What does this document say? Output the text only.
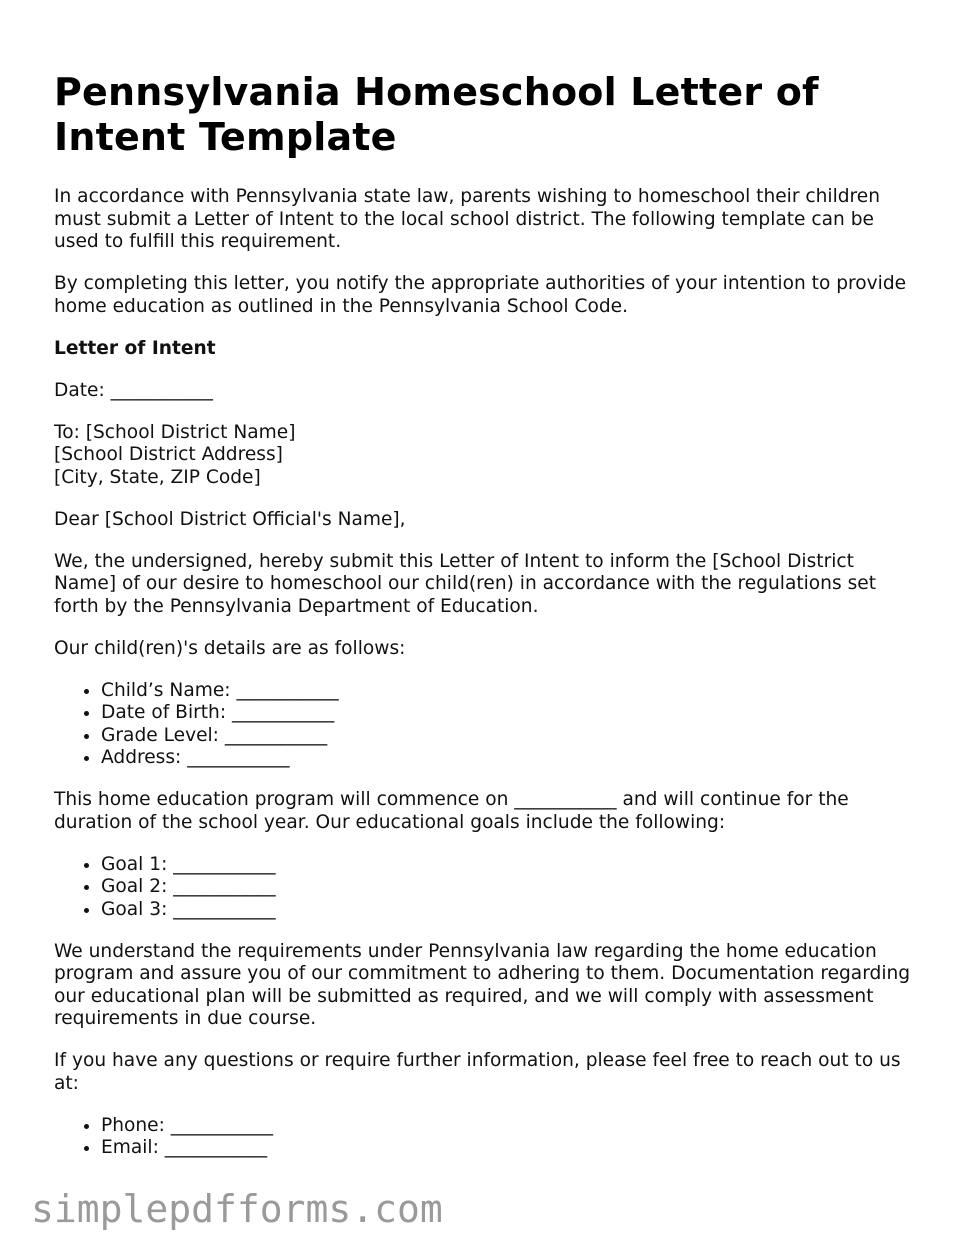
Pennsylvania Homeschool Letter of Intent Template

In accordance with Pennsylvania state law, parents wishing to homeschool their children must submit a Letter of Intent to the local school district. The following template can be used to fulfill this requirement.

By completing this letter, you notify the appropriate authorities of your intention to provide home education as outlined in the Pennsylvania School Code.

Letter of Intent

Date: ___________

To: [School District Name]
[School District Address]
[City, State, ZIP Code]

Dear [School District Official's Name],

We, the undersigned, hereby submit this Letter of Intent to inform the [School District Name] of our desire to homeschool our child(ren) in accordance with the regulations set forth by the Pennsylvania Department of Education.

Our child(ren)'s details are as follows:

• Child’s Name: ___________
• Date of Birth: ___________
• Grade Level: ___________
• Address: ___________

This home education program will commence on ___________ and will continue for the duration of the school year. Our educational goals include the following:

• Goal 1: ___________
• Goal 2: ___________
• Goal 3: ___________

We understand the requirements under Pennsylvania law regarding the home education program and assure you of our commitment to adhering to them. Documentation regarding our educational plan will be submitted as required, and we will comply with assessment requirements in due course.

If you have any questions or require further information, please feel free to reach out to us at:

• Phone: ___________
• Email: ___________
simplepdfforms.com
